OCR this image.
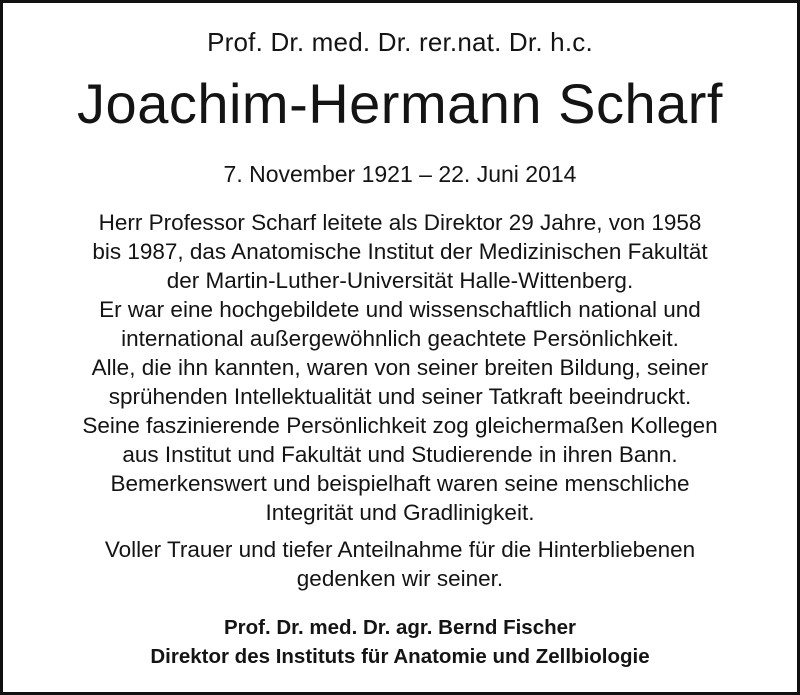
Prof. Dr. med. Dr. rer.nat. Dr. h.c.
Joachim-Hermann Scharf
7. November 1921 – 22. Juni 2014
Herr Professor Scharf leitete als Direktor 29 Jahre, von 1958
bis 1987, das Anatomische Institut der Medizinischen Fakultät
der Martin-Luther-Universität Halle-Wittenberg.
Er war eine hochgebildete und wissenschaftlich national und
international außergewöhnlich geachtete Persönlichkeit.
Alle, die ihn kannten, waren von seiner breiten Bildung, seiner
sprühenden Intellektualität und seiner Tatkraft beeindruckt.
Seine faszinierende Persönlichkeit zog gleichermaßen Kollegen
aus Institut und Fakultät und Studierende in ihren Bann.
Bemerkenswert und beispielhaft waren seine menschliche
Integrität und Gradlinigkeit.
Voller Trauer und tiefer Anteilnahme für die Hinterbliebenen
gedenken wir seiner.
Prof. Dr. med. Dr. agr. Bernd Fischer
Direktor des Instituts für Anatomie und Zellbiologie
